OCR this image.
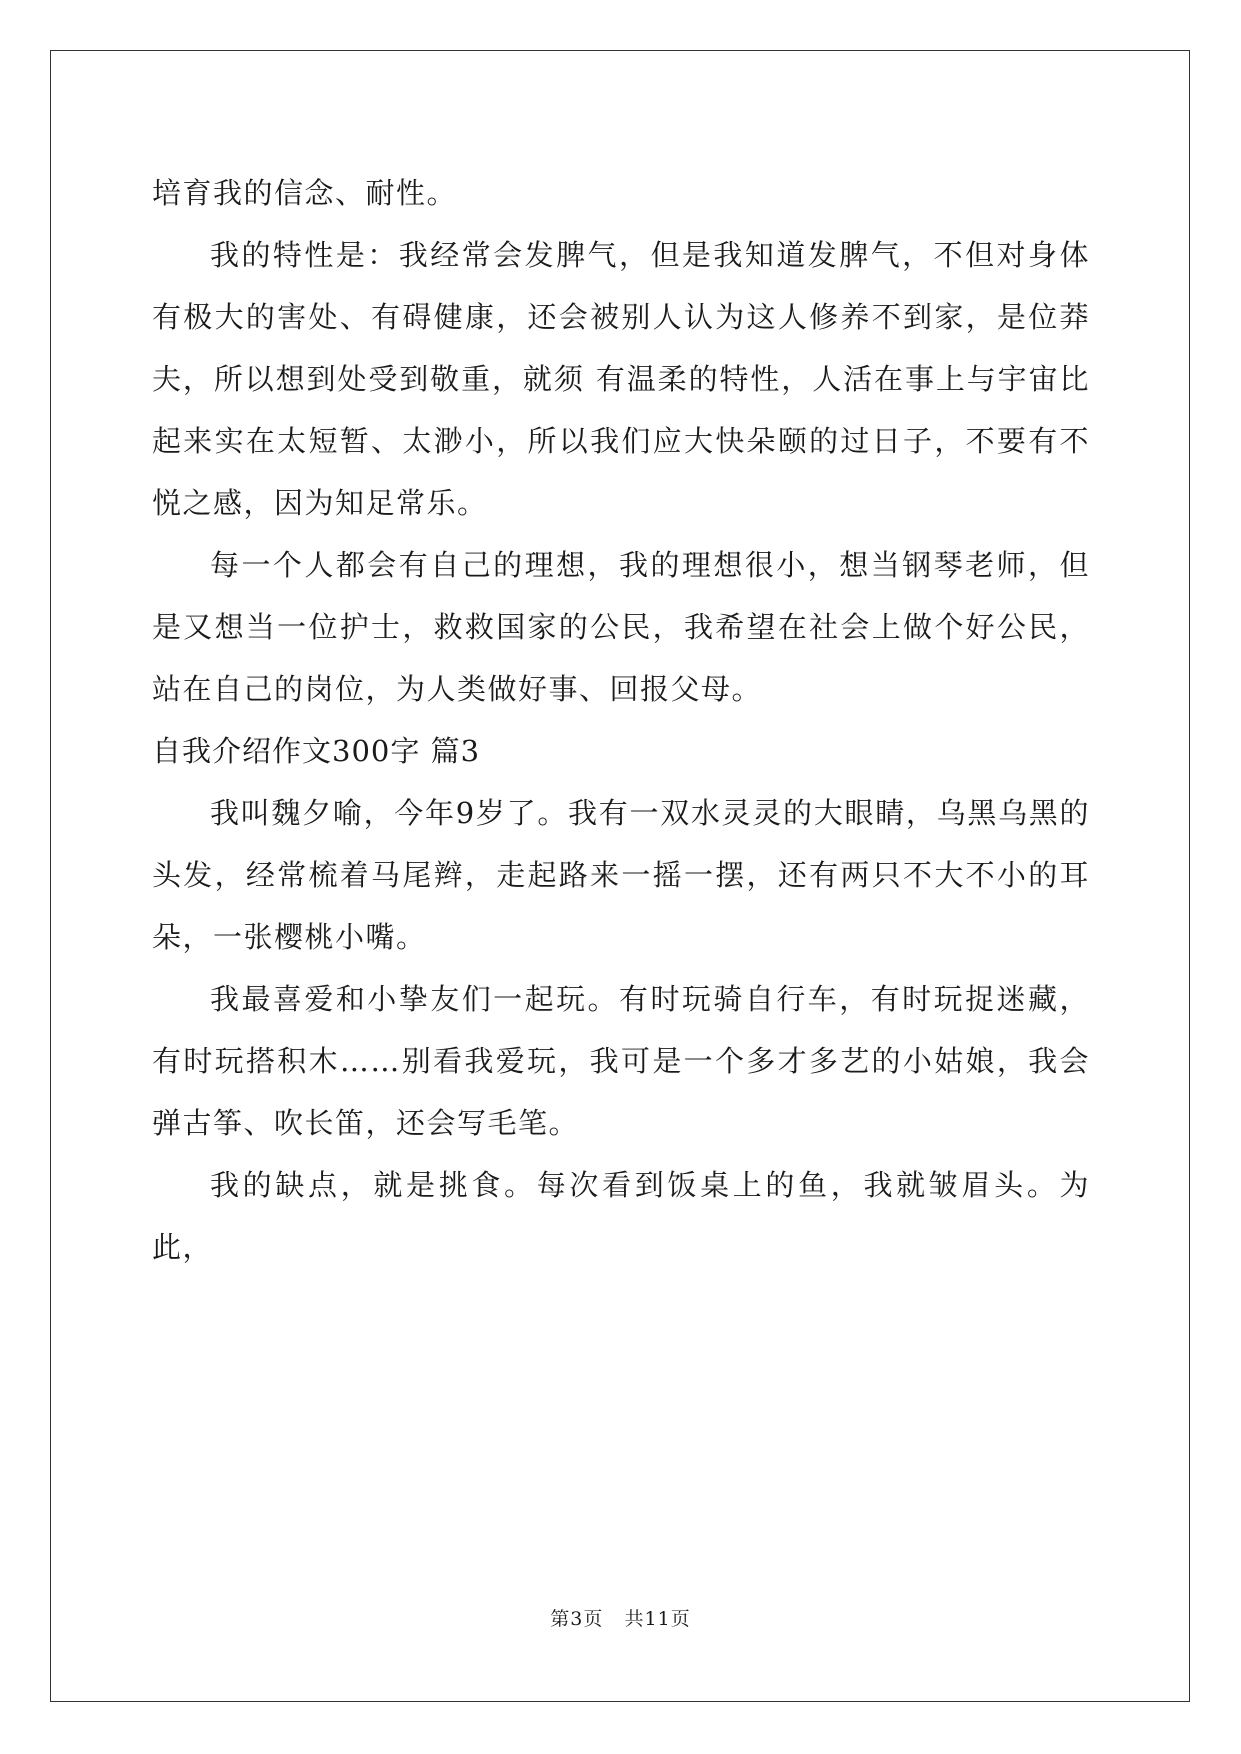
培育我的信念、耐性。

我的特性是：我经常会发脾气，但是我知道发脾气，不但对身体有极大的害处、有碍健康，还会被别人认为这人修养不到家，是位莽夫，所以想到处受到敬重，就须 有温柔的特性，人活在事上与宇宙比起来实在太短暂、太渺小，所以我们应大快朵颐的过日子，不要有不悦之感，因为知足常乐。

每一个人都会有自己的理想，我的理想很小，想当钢琴老师，但是又想当一位护士，救救国家的公民，我希望在社会上做个好公民，站在自己的岗位，为人类做好事、回报父母。

自我介绍作文300字 篇3

我叫魏夕喻，今年9岁了。我有一双水灵灵的大眼睛，乌黑乌黑的头发，经常梳着马尾辫，走起路来一摇一摆，还有两只不大不小的耳朵，一张樱桃小嘴。

我最喜爱和小挚友们一起玩。有时玩骑自行车，有时玩捉迷藏，有时玩搭积木……别看我爱玩，我可是一个多才多艺的小姑娘，我会弹古筝、吹长笛，还会写毛笔。

我的缺点，就是挑食。每次看到饭桌上的鱼，我就皱眉头。为此，

第3页 共11页
